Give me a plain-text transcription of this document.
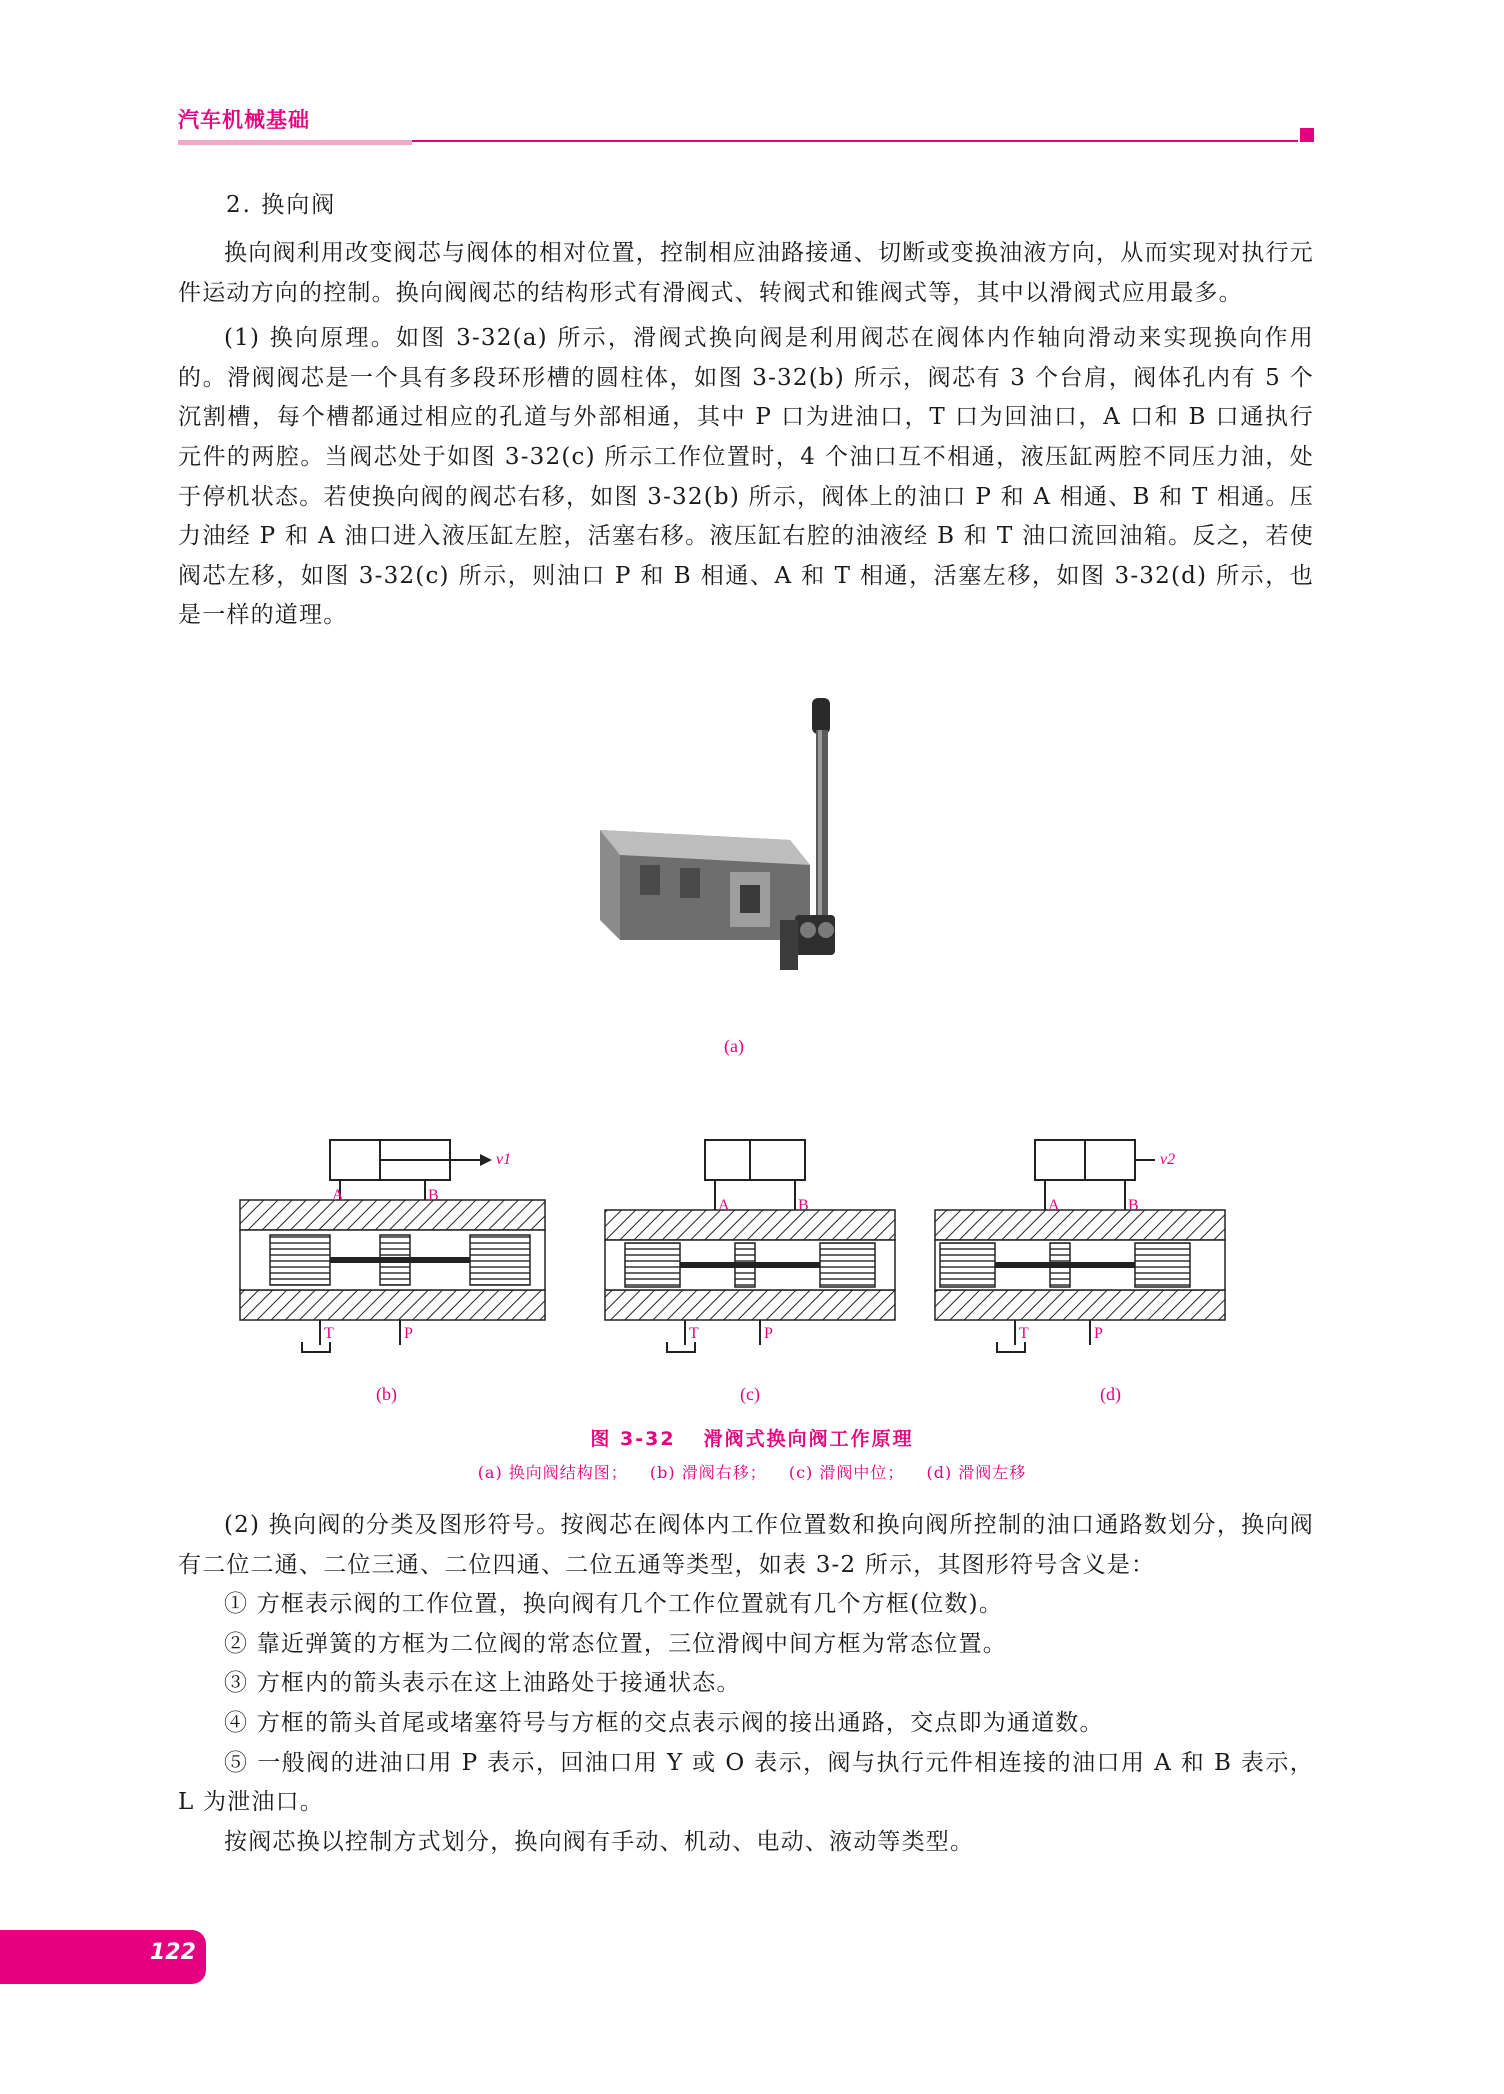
汽车机械基础
2. 换向阀

换向阀利用改变阀芯与阀体的相对位置，控制相应油路接通、切断或变换油液方向，从而实现对执行元件运动方向的控制。换向阀阀芯的结构形式有滑阀式、转阀式和锥阀式等，其中以滑阀式应用最多。

(1) 换向原理。如图 3-32(a) 所示，滑阀式换向阀是利用阀芯在阀体内作轴向滑动来实现换向作用的。滑阀阀芯是一个具有多段环形槽的圆柱体，如图 3-32(b) 所示，阀芯有 3 个台肩，阀体孔内有 5 个沉割槽，每个槽都通过相应的孔道与外部相通，其中 P 口为进油口，T 口为回油口，A 口和 B 口通执行元件的两腔。当阀芯处于如图 3-32(c) 所示工作位置时，4 个油口互不相通，液压缸两腔不同压力油，处于停机状态。若使换向阀的阀芯右移，如图 3-32(b) 所示，阀体上的油口 P 和 A 相通、B 和 T 相通。压力油经 P 和 A 油口进入液压缸左腔，活塞右移。液压缸右腔的油液经 B 和 T 油口流回油箱。反之，若使阀芯左移，如图 3-32(c) 所示，则油口 P 和 B 相通、A 和 T 相通，活塞左移，如图 3-32(d) 所示，也是一样的道理。

(a)
A	B
T	P
v1
A	B
T	P
A	B
T	P
v2
(b)	(c)	(d)
图 3-32 滑阀式换向阀工作原理
(a) 换向阀结构图； (b) 滑阀右移； (c) 滑阀中位； (d) 滑阀左移

(2) 换向阀的分类及图形符号。按阀芯在阀体内工作位置数和换向阀所控制的油口通路数划分，换向阀有二位二通、二位三通、二位四通、二位五通等类型，如表 3-2 所示，其图形符号含义是：

① 方框表示阀的工作位置，换向阀有几个工作位置就有几个方框(位数)。

② 靠近弹簧的方框为二位阀的常态位置，三位滑阀中间方框为常态位置。

③ 方框内的箭头表示在这上油路处于接通状态。

④ 方框的箭头首尾或堵塞符号与方框的交点表示阀的接出通路，交点即为通道数。

⑤ 一般阀的进油口用 P 表示，回油口用 Y 或 O 表示，阀与执行元件相连接的油口用 A 和 B 表示，L 为泄油口。

按阀芯换以控制方式划分，换向阀有手动、机动、电动、液动等类型。

122
